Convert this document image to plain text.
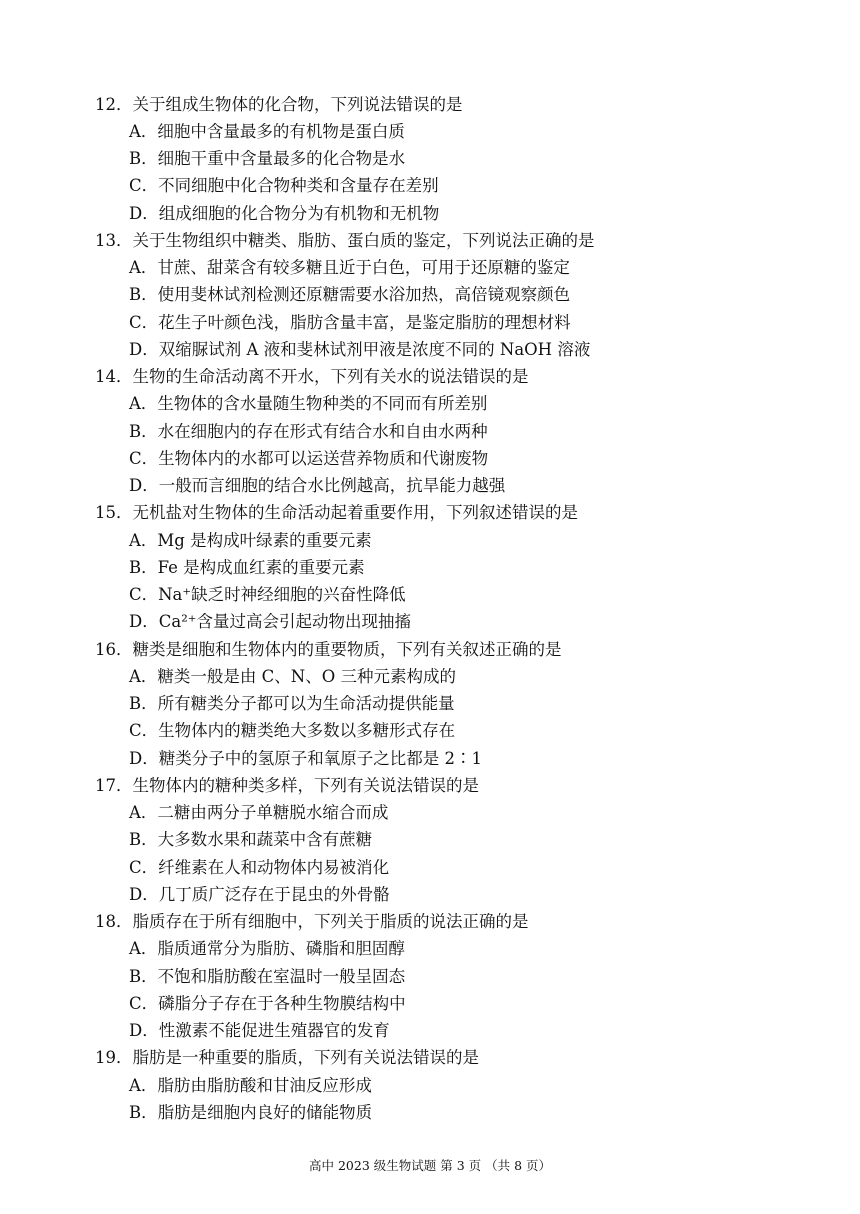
12．关于组成生物体的化合物，下列说法错误的是
A．细胞中含量最多的有机物是蛋白质
B．细胞干重中含量最多的化合物是水
C．不同细胞中化合物种类和含量存在差别
D．组成细胞的化合物分为有机物和无机物
13．关于生物组织中糖类、脂肪、蛋白质的鉴定，下列说法正确的是
A．甘蔗、甜菜含有较多糖且近于白色，可用于还原糖的鉴定
B．使用斐林试剂检测还原糖需要水浴加热，高倍镜观察颜色
C．花生子叶颜色浅，脂肪含量丰富，是鉴定脂肪的理想材料
D．双缩脲试剂 A 液和斐林试剂甲液是浓度不同的 NaOH 溶液
14．生物的生命活动离不开水，下列有关水的说法错误的是
A．生物体的含水量随生物种类的不同而有所差别
B．水在细胞内的存在形式有结合水和自由水两种
C．生物体内的水都可以运送营养物质和代谢废物
D．一般而言细胞的结合水比例越高，抗旱能力越强
15．无机盐对生物体的生命活动起着重要作用，下列叙述错误的是
A．Mg 是构成叶绿素的重要元素
B．Fe 是构成血红素的重要元素
C．Na⁺缺乏时神经细胞的兴奋性降低
D．Ca²⁺含量过高会引起动物出现抽搐
16．糖类是细胞和生物体内的重要物质，下列有关叙述正确的是
A．糖类一般是由 C、N、O 三种元素构成的
B．所有糖类分子都可以为生命活动提供能量
C．生物体内的糖类绝大多数以多糖形式存在
D．糖类分子中的氢原子和氧原子之比都是 2∶1
17．生物体内的糖种类多样，下列有关说法错误的是
A．二糖由两分子单糖脱水缩合而成
B．大多数水果和蔬菜中含有蔗糖
C．纤维素在人和动物体内易被消化
D．几丁质广泛存在于昆虫的外骨骼
18．脂质存在于所有细胞中，下列关于脂质的说法正确的是
A．脂质通常分为脂肪、磷脂和胆固醇
B．不饱和脂肪酸在室温时一般呈固态
C．磷脂分子存在于各种生物膜结构中
D．性激素不能促进生殖器官的发育
19．脂肪是一种重要的脂质，下列有关说法错误的是
A．脂肪由脂肪酸和甘油反应形成
B．脂肪是细胞内良好的储能物质
高中 2023 级生物试题 第 3 页 （共 8 页）
